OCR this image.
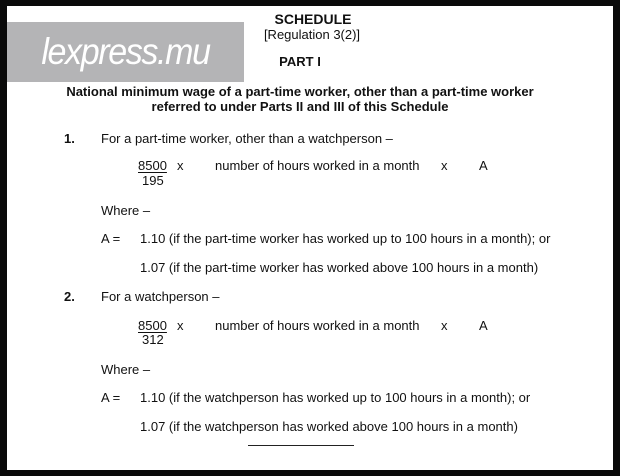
lexpress.mu
SCHEDULE
[Regulation 3(2)]
PART I
National minimum wage of a part-time worker, other than a part-time worker
referred to under Parts II and III of this Schedule
1. For a part-time worker, other than a watchperson –
8500
195
x number of hours worked in a month x A
Where –
A = 1.10 (if the part-time worker has worked up to 100 hours in a month); or
1.07 (if the part-time worker has worked above 100 hours in a month)
2. For a watchperson –
8500
312
x number of hours worked in a month x A
Where –
A = 1.10 (if the watchperson has worked up to 100 hours in a month); or
1.07 (if the watchperson has worked above 100 hours in a month)
